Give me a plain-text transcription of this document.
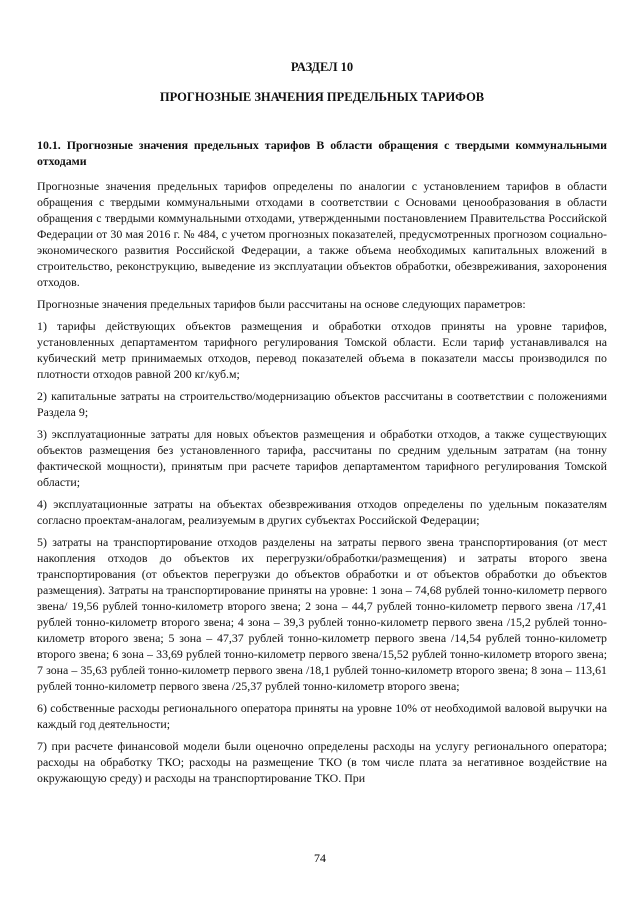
РАЗДЕЛ 10

ПРОГНОЗНЫЕ ЗНАЧЕНИЯ ПРЕДЕЛЬНЫХ ТАРИФОВ

10.1. Прогнозные значения предельных тарифов В области обращения с твердыми коммунальными отходами

Прогнозные значения предельных тарифов определены по аналогии с установлением тарифов в области обращения с твердыми коммунальными отходами в соответствии с Основами ценообразования в области обращения с твердыми коммунальными отходами, утвержденными постановлением Правительства Российской Федерации от 30 мая 2016 г. № 484, с учетом прогнозных показателей, предусмотренных прогнозом социально-экономического развития Российской Федерации, а также объема необходимых капитальных вложений в строительство, реконструкцию, выведение из эксплуатации объектов обработки, обезвреживания, захоронения отходов.

Прогнозные значения предельных тарифов были рассчитаны на основе следующих параметров:

1) тарифы действующих объектов размещения и обработки отходов приняты на уровне тарифов, установленных департаментом тарифного регулирования Томской области. Если тариф устанавливался на кубический метр принимаемых отходов, перевод показателей объема в показатели массы производился по плотности отходов равной 200 кг/куб.м;

2) капитальные затраты на строительство/модернизацию объектов рассчитаны в соответствии с положениями Раздела 9;

3) эксплуатационные затраты для новых объектов размещения и обработки отходов, а также существующих объектов размещения без установленного тарифа, рассчитаны по средним удельным затратам (на тонну фактической мощности), принятым при расчете тарифов департаментом тарифного регулирования Томской области;

4) эксплуатационные затраты на объектах обезвреживания отходов определены по удельным показателям согласно проектам-аналогам, реализуемым в других субъектах Российской Федерации;

5) затраты на транспортирование отходов разделены на затраты первого звена транспортирования (от мест накопления отходов до объектов их перегрузки/обработки/размещения) и затраты второго звена транспортирования (от объектов перегрузки до объектов обработки и от объектов обработки до объектов размещения). Затраты на транспортирование приняты на уровне: 1 зона – 74,68 рублей тонно-километр первого звена/ 19,56 рублей тонно-километр второго звена; 2 зона – 44,7 рублей тонно-километр первого звена /17,41 рублей тонно-километр второго звена; 4 зона – 39,3 рублей тонно-километр первого звена /15,2 рублей тонно-километр второго звена; 5 зона – 47,37 рублей тонно-километр первого звена /14,54 рублей тонно-километр второго звена; 6 зона – 33,69 рублей тонно-километр первого звена/15,52 рублей тонно-километр второго звена; 7 зона – 35,63 рублей тонно-километр первого звена /18,1 рублей тонно-километр второго звена; 8 зона – 113,61 рублей тонно-километр первого звена /25,37 рублей тонно-километр второго звена;

6) собственные расходы регионального оператора приняты на уровне 10% от необходимой валовой выручки на каждый год деятельности;

7) при расчете финансовой модели были оценочно определены расходы на услугу регионального оператора; расходы на обработку ТКО; расходы на размещение ТКО (в том числе плата за негативное воздействие на окружающую среду) и расходы на транспортирование ТКО. При

74
